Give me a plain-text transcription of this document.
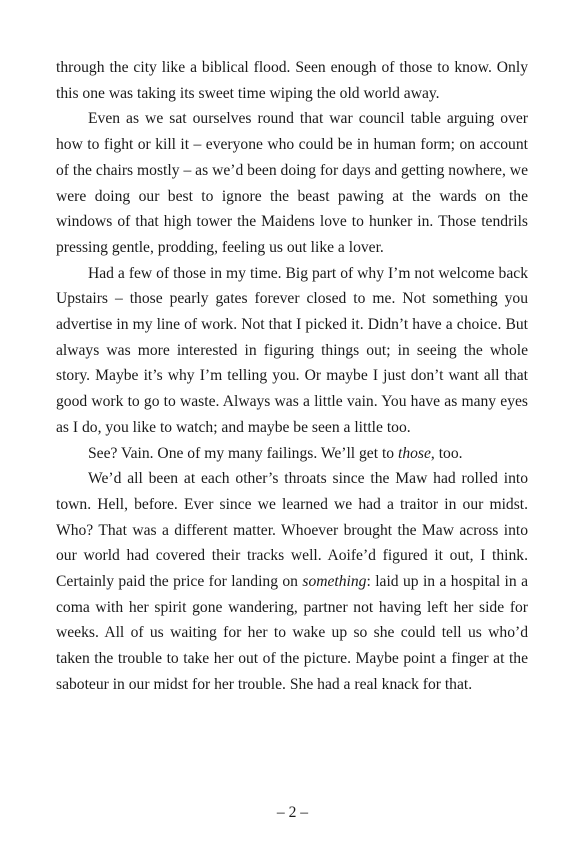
through the city like a biblical flood. Seen enough of those to know. Only this one was taking its sweet time wiping the old world away.

Even as we sat ourselves round that war council table arguing over how to fight or kill it – everyone who could be in human form; on account of the chairs mostly – as we’d been doing for days and getting nowhere, we were doing our best to ignore the beast pawing at the wards on the windows of that high tower the Maidens love to hunker in. Those tendrils pressing gentle, prodding, feeling us out like a lover.

Had a few of those in my time. Big part of why I’m not welcome back Upstairs – those pearly gates forever closed to me. Not something you advertise in my line of work. Not that I picked it. Didn’t have a choice. But always was more interested in figuring things out; in seeing the whole story. Maybe it’s why I’m telling you. Or maybe I just don’t want all that good work to go to waste. Always was a little vain. You have as many eyes as I do, you like to watch; and maybe be seen a little too.

See? Vain. One of my many failings. We’ll get to those, too.

We’d all been at each other’s throats since the Maw had rolled into town. Hell, before. Ever since we learned we had a traitor in our midst. Who? That was a different matter. Whoever brought the Maw across into our world had covered their tracks well. Aoife’d figured it out, I think. Certainly paid the price for landing on something: laid up in a hospital in a coma with her spirit gone wandering, partner not having left her side for weeks. All of us waiting for her to wake up so she could tell us who’d taken the trouble to take her out of the picture. Maybe point a finger at the saboteur in our midst for her trouble. She had a real knack for that.

– 2 –
